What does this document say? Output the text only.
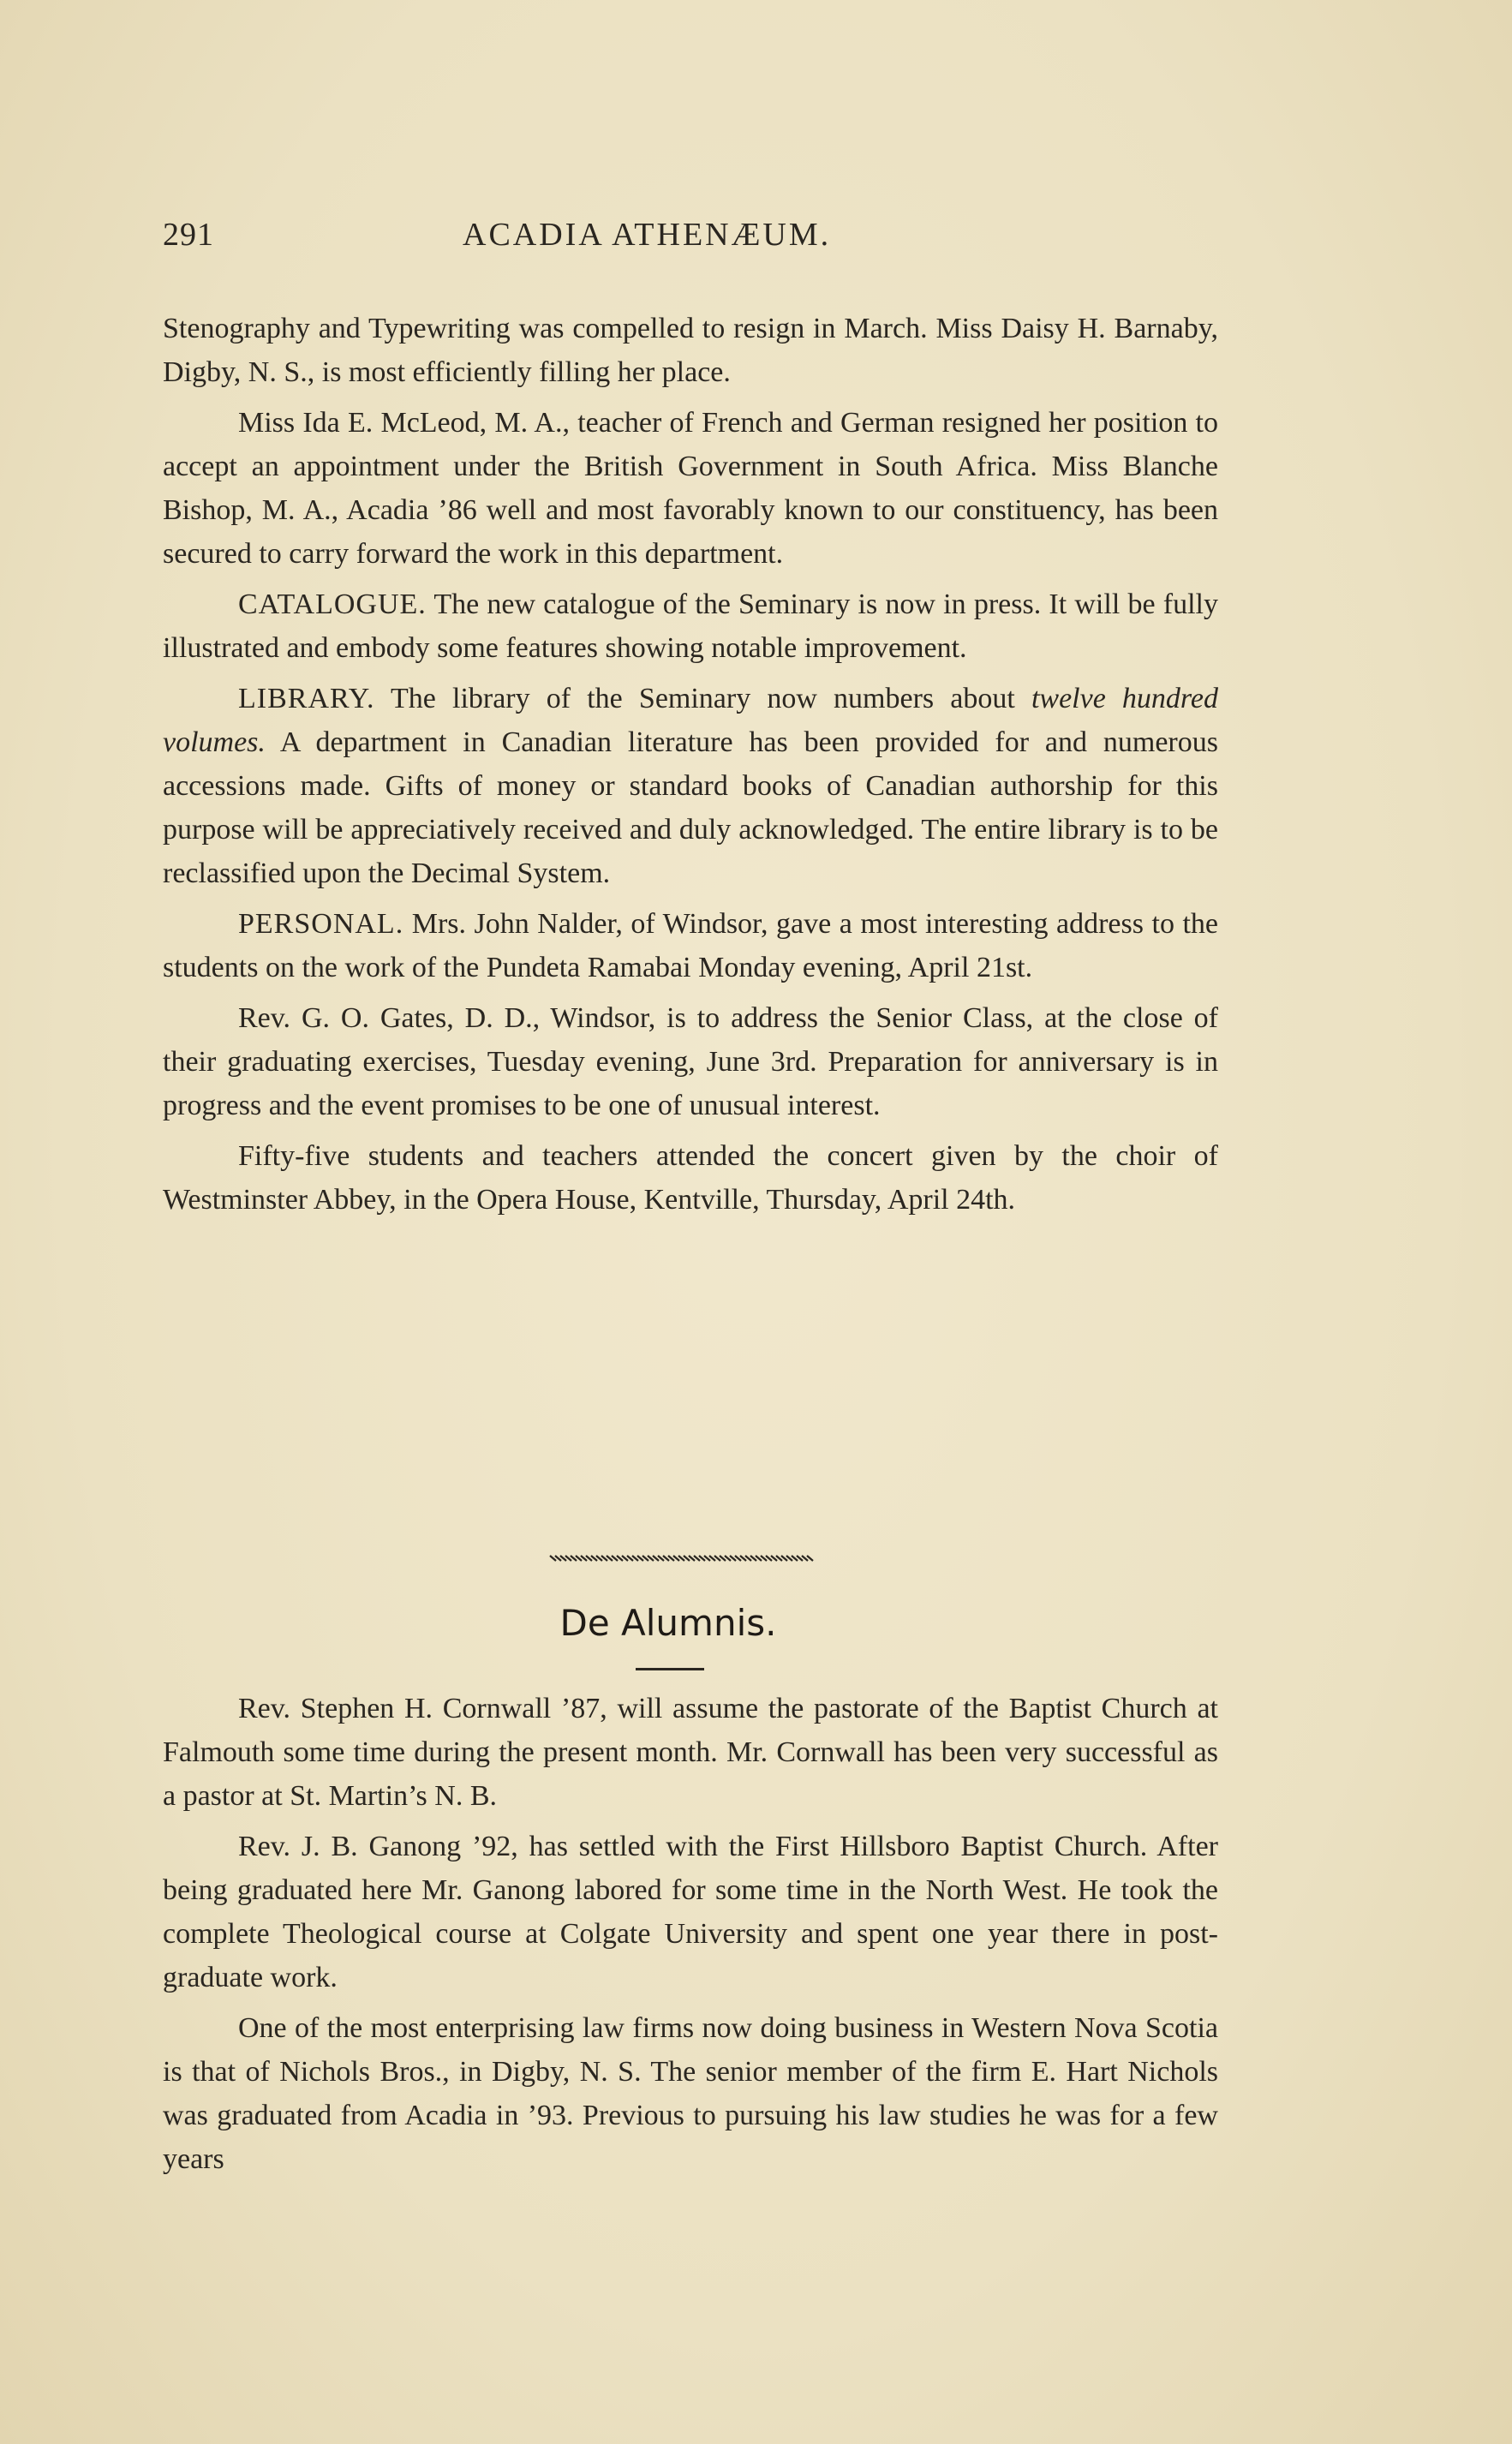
291	ACADIA ATHENÆUM.

Stenography and Typewriting was compelled to resign in March. Miss Daisy H. Barnaby, Digby, N. S., is most efficiently filling her place.

Miss Ida E. McLeod, M. A., teacher of French and German resigned her position to accept an appointment under the British Government in South Africa. Miss Blanche Bishop, M. A., Acadia ’86 well and most favorably known to our constituency, has been secured to carry forward the work in this department.

CATALOGUE. The new catalogue of the Seminary is now in press. It will be fully illustrated and embody some features showing notable improvement.

LIBRARY. The library of the Seminary now numbers about twelve hundred volumes. A department in Canadian literature has been provided for and numerous accessions made. Gifts of money or standard books of Canadian authorship for this purpose will be appreciatively received and duly acknowledged. The entire library is to be reclassified upon the Decimal System.

PERSONAL. Mrs. John Nalder, of Windsor, gave a most interesting address to the students on the work of the Pundeta Ramabai Monday evening, April 21st.

Rev. G. O. Gates, D. D., Windsor, is to address the Senior Class, at the close of their graduating exercises, Tuesday evening, June 3rd. Preparation for anniversary is in progress and the event promises to be one of unusual interest.

Fifty-five students and teachers attended the concert given by the choir of Westminster Abbey, in the Opera House, Kentville, Thursday, April 24th.

De Alumnis.

Rev. Stephen H. Cornwall ’87, will assume the pastorate of the Baptist Church at Falmouth some time during the present month. Mr. Cornwall has been very successful as a pastor at St. Martin’s N. B.

Rev. J. B. Ganong ’92, has settled with the First Hillsboro Baptist Church. After being graduated here Mr. Ganong labored for some time in the North West. He took the complete Theological course at Colgate University and spent one year there in post-graduate work.

One of the most enterprising law firms now doing business in Western Nova Scotia is that of Nichols Bros., in Digby, N. S. The senior member of the firm E. Hart Nichols was graduated from Acadia in ’93. Previous to pursuing his law studies he was for a few years
